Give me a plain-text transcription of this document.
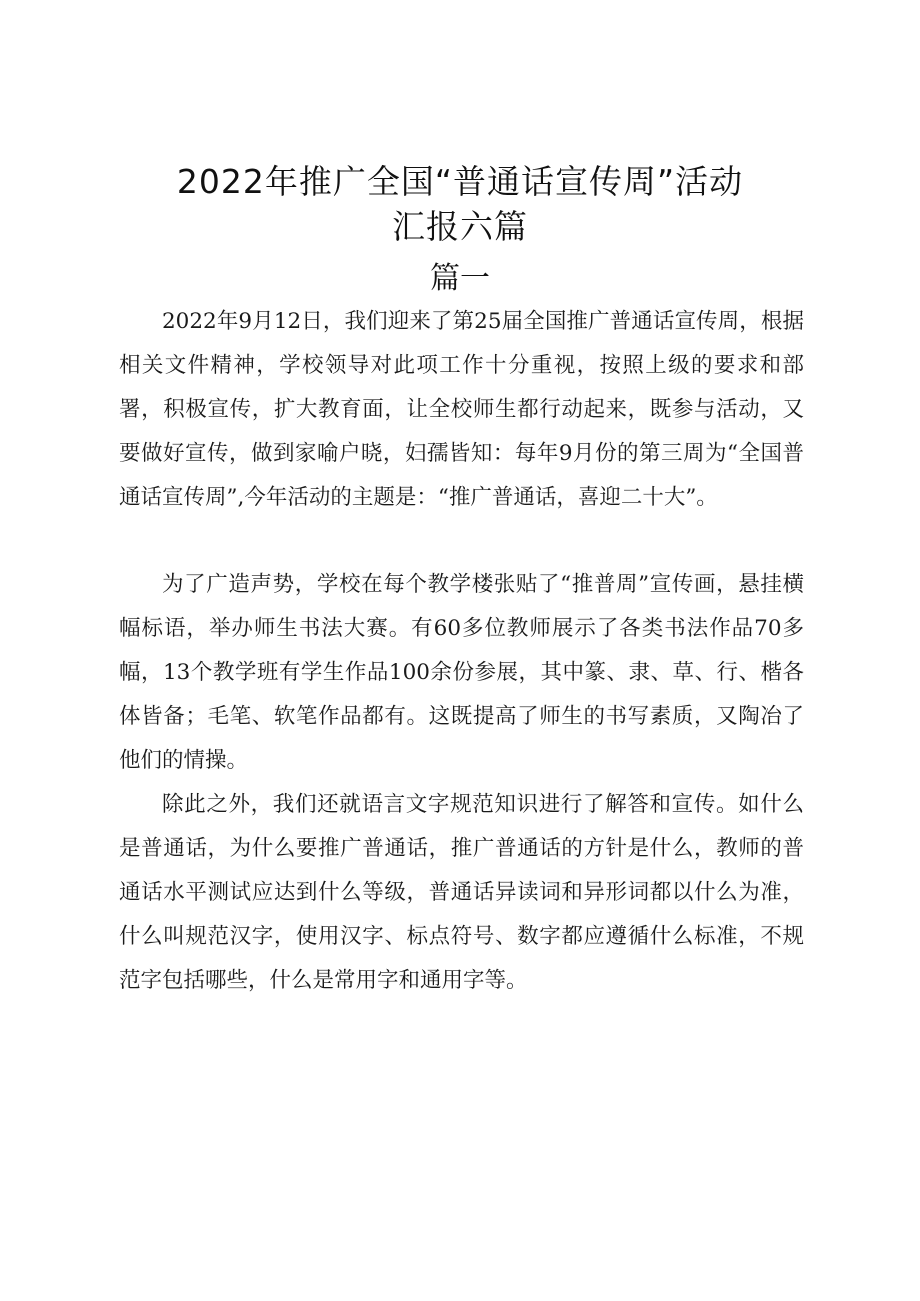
2022年推广全国“普通话宣传周”活动
汇报六篇
篇一

2022年9月12日，我们迎来了第25届全国推广普通话宣传周，根据相关文件精神，学校领导对此项工作十分重视，按照上级的要求和部署，积极宣传，扩大教育面，让全校师生都行动起来，既参与活动，又要做好宣传，做到家喻户晓，妇孺皆知：每年9月份的第三周为“全国普通话宣传周”,今年活动的主题是：“推广普通话，喜迎二十大”。

为了广造声势，学校在每个教学楼张贴了“推普周”宣传画，悬挂横幅标语，举办师生书法大赛。有60多位教师展示了各类书法作品70多幅，13个教学班有学生作品100余份参展，其中篆、隶、草、行、楷各体皆备；毛笔、软笔作品都有。这既提高了师生的书写素质，又陶冶了他们的情操。

除此之外，我们还就语言文字规范知识进行了解答和宣传。如什么是普通话，为什么要推广普通话，推广普通话的方针是什么，教师的普通话水平测试应达到什么等级，普通话异读词和异形词都以什么为准，什么叫规范汉字，使用汉字、标点符号、数字都应遵循什么标准，不规范字包括哪些，什么是常用字和通用字等。
